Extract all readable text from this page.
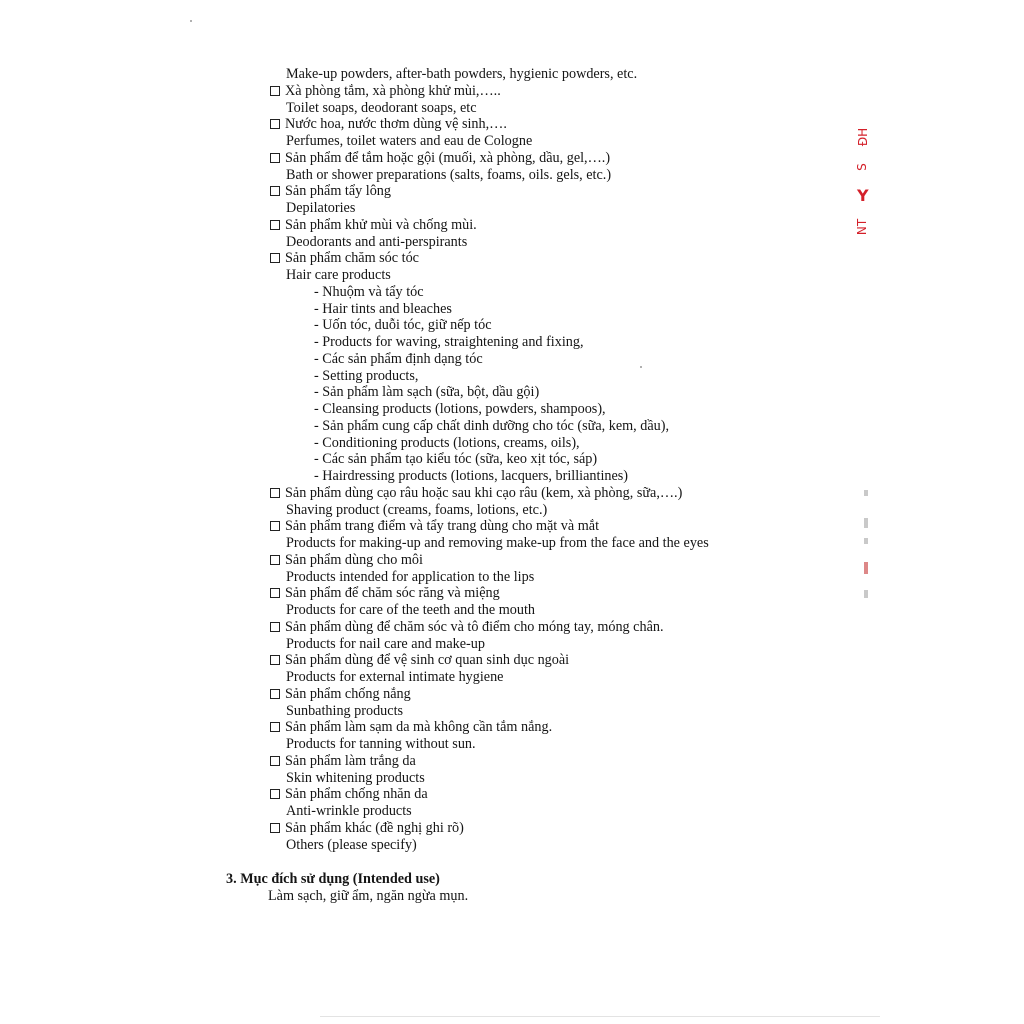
Make-up powders, after-bath powders, hygienic powders, etc.
Xà phòng tắm, xà phòng khử mùi,…..
Toilet soaps, deodorant soaps, etc
Nước hoa, nước thơm dùng vệ sinh,….
Perfumes, toilet waters and eau de Cologne
Sản phẩm để tắm hoặc gội (muối, xà phòng, dầu, gel,….)
Bath or shower preparations (salts, foams, oils. gels, etc.)
Sản phẩm tẩy lông
Depilatories
Sản phẩm khử mùi và chống mùi.
Deodorants and anti-perspirants
Sản phẩm chăm sóc tóc
Hair care products
- Nhuộm và tẩy tóc
- Hair tints and bleaches
- Uốn tóc, duỗi tóc, giữ nếp tóc
- Products for waving, straightening and fixing,
- Các sản phẩm định dạng tóc
- Setting products,
- Sản phẩm làm sạch (sữa, bột, dầu gội)
- Cleansing products (lotions, powders, shampoos),
- Sản phẩm cung cấp chất dinh dưỡng cho tóc (sữa, kem, dầu),
- Conditioning products (lotions, creams, oils),
- Các sản phẩm tạo kiểu tóc (sữa, keo xịt tóc, sáp)
- Hairdressing products (lotions, lacquers, brilliantines)
Sản phẩm dùng cạo râu hoặc sau khi cạo râu (kem, xà phòng, sữa,….)
Shaving product (creams, foams, lotions, etc.)
Sản phẩm trang điểm và tẩy trang dùng cho mặt và mắt
Products for making-up and removing make-up from the face and the eyes
Sản phẩm dùng cho môi
Products intended for application to the lips
Sản phẩm để chăm sóc răng và miệng
Products for care of the teeth and the mouth
Sản phẩm dùng để chăm sóc và tô điểm cho móng tay, móng chân.
Products for nail care and make-up
Sản phẩm dùng để vệ sinh cơ quan sinh dục ngoài
Products for external intimate hygiene
Sản phẩm chống nắng
Sunbathing products
Sản phẩm làm sạm da mà không cần tắm nắng.
Products for tanning without sun.
Sản phẩm làm trắng da
Skin whitening products
Sản phẩm chống nhăn da
Anti-wrinkle products
Sản phẩm khác (đề nghị ghi rõ)
Others (please specify)
3. Mục đích sử dụng (Intended use)
Làm sạch, giữ ẩm, ngăn ngừa mụn.
ĐH
S
Y
NT
